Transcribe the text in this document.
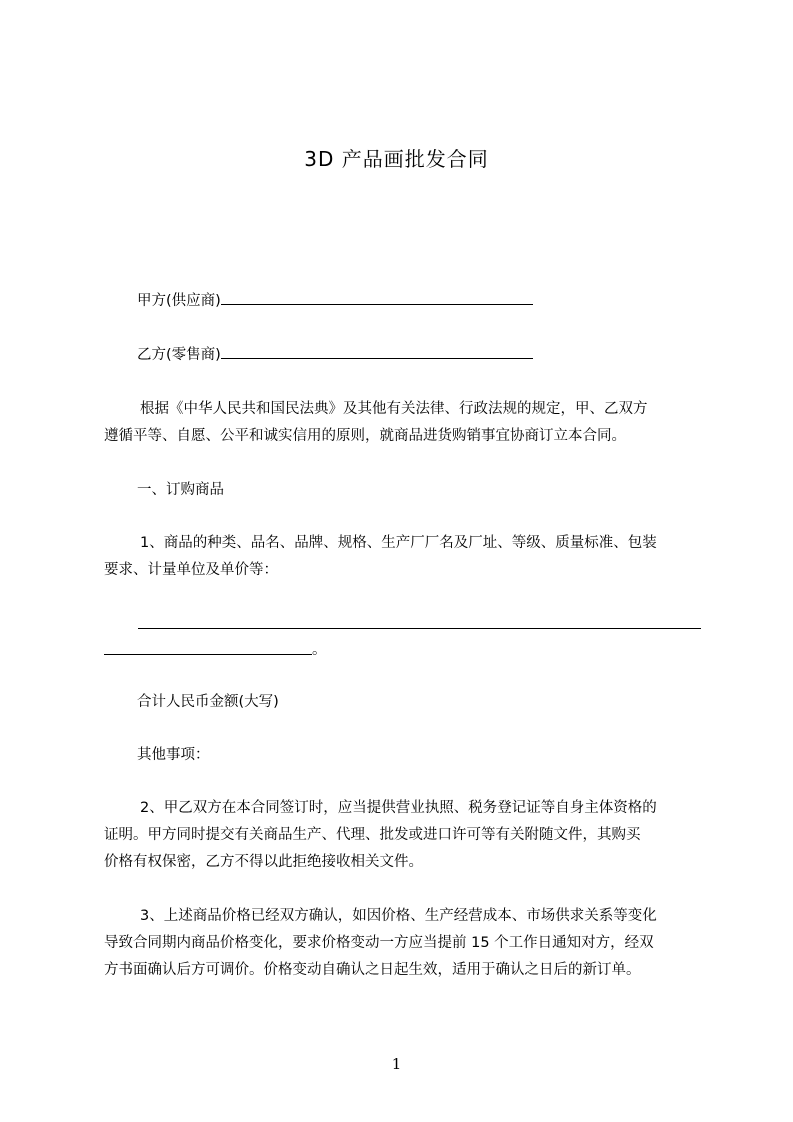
3D 产品画批发合同
甲方(供应商)
乙方(零售商)
根据《中华人民共和国民法典》及其他有关法律、行政法规的规定，甲、乙双方
遵循平等、自愿、公平和诚实信用的原则，就商品进货购销事宜协商订立本合同。
一、订购商品
1、商品的种类、品名、品牌、规格、生产厂厂名及厂址、等级、质量标准、包装
要求、计量单位及单价等：
。
合计人民币金额(大写)
其他事项：
2、甲乙双方在本合同签订时，应当提供营业执照、税务登记证等自身主体资格的
证明。甲方同时提交有关商品生产、代理、批发或进口许可等有关附随文件，其购买
价格有权保密，乙方不得以此拒绝接收相关文件。
3、上述商品价格已经双方确认，如因价格、生产经营成本、市场供求关系等变化
导致合同期内商品价格变化，要求价格变动一方应当提前 15 个工作日通知对方，经双
方书面确认后方可调价。价格变动自确认之日起生效，适用于确认之日后的新订单。
1
